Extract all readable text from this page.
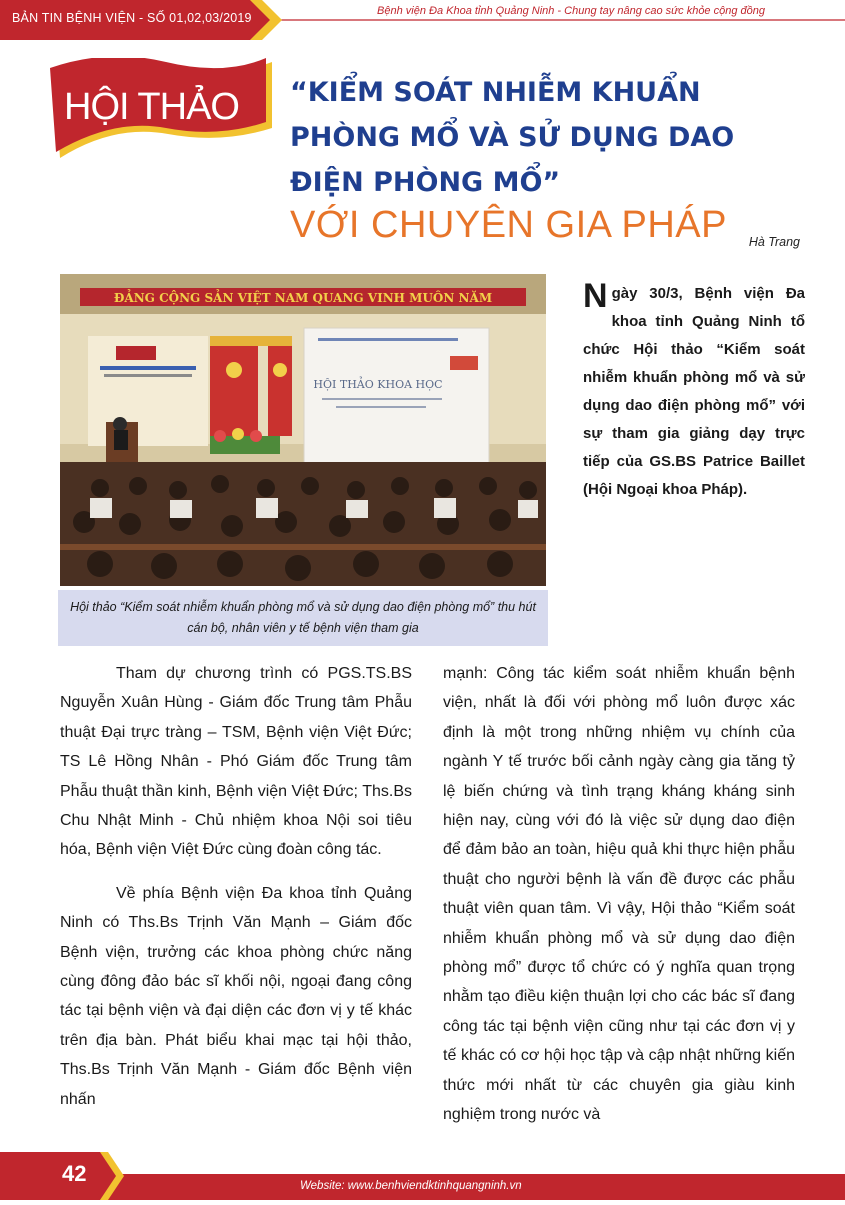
BẢN TIN BỆNH VIỆN - SỐ 01,02,03/2019	Bệnh viện Đa Khoa tỉnh Quảng Ninh - Chung tay nâng cao sức khỏe cộng đồng
HỘI THẢO “KIỂM SOÁT NHIỄM KHUẨN
PHÒNG MỔ VÀ SỬ DỤNG DAO
ĐIỆN PHÒNG MỔ”
VỚI CHUYÊN GIA PHÁP Hà Trang
ĐẢNG CỘNG SẢN VIỆT NAM QUANG VINH MUÔN NĂM
HỘI THẢO KHOA HỌC
Hội thảo “Kiểm soát nhiễm khuẩn phòng mổ và sử dụng dao điện phòng mổ” thu hút cán bộ, nhân viên y tế bệnh viện tham gia
Ngày 30/3, Bệnh viện Đa khoa tỉnh Quảng Ninh tổ chức Hội thảo “Kiểm soát nhiễm khuẩn phòng mổ và sử dụng dao điện phòng mổ” với sự tham gia giảng dạy trực tiếp của GS.BS Patrice Baillet (Hội Ngoại khoa Pháp).

Tham dự chương trình có PGS.TS.BS Nguyễn Xuân Hùng - Giám đốc Trung tâm Phẫu thuật Đại trực tràng – TSM, Bệnh viện Việt Đức; TS Lê Hồng Nhân - Phó Giám đốc Trung tâm Phẫu thuật thần kinh, Bệnh viện Việt Đức; Ths.Bs Chu Nhật Minh - Chủ nhiệm khoa Nội soi tiêu hóa, Bệnh viện Việt Đức cùng đoàn công tác.

Về phía Bệnh viện Đa khoa tỉnh Quảng Ninh có Ths.Bs Trịnh Văn Mạnh – Giám đốc Bệnh viện, trưởng các khoa phòng chức năng cùng đông đảo bác sĩ khối nội, ngoại đang công tác tại bệnh viện và đại diện các đơn vị y tế khác trên địa bàn. Phát biểu khai mạc tại hội thảo, Ths.Bs Trịnh Văn Mạnh - Giám đốc Bệnh viện nhấn

mạnh: Công tác kiểm soát nhiễm khuẩn bệnh viện, nhất là đối với phòng mổ luôn được xác định là một trong những nhiệm vụ chính của ngành Y tế trước bối cảnh ngày càng gia tăng tỷ lệ biến chứng và tình trạng kháng kháng sinh hiện nay, cùng với đó là việc sử dụng dao điện để đảm bảo an toàn, hiệu quả khi thực hiện phẫu thuật cho người bệnh là vấn đề được các phẫu thuật viên quan tâm. Vì vậy, Hội thảo “Kiểm soát nhiễm khuẩn phòng mổ và sử dụng dao điện phòng mổ” được tổ chức có ý nghĩa quan trọng nhằm tạo điều kiện thuận lợi cho các bác sĩ đang công tác tại bệnh viện cũng như tại các đơn vị y tế khác có cơ hội học tập và cập nhật những kiến thức mới nhất từ các chuyên gia giàu kinh nghiệm trong nước và

42	Website: www.benhviendktinhquangninh.vn
